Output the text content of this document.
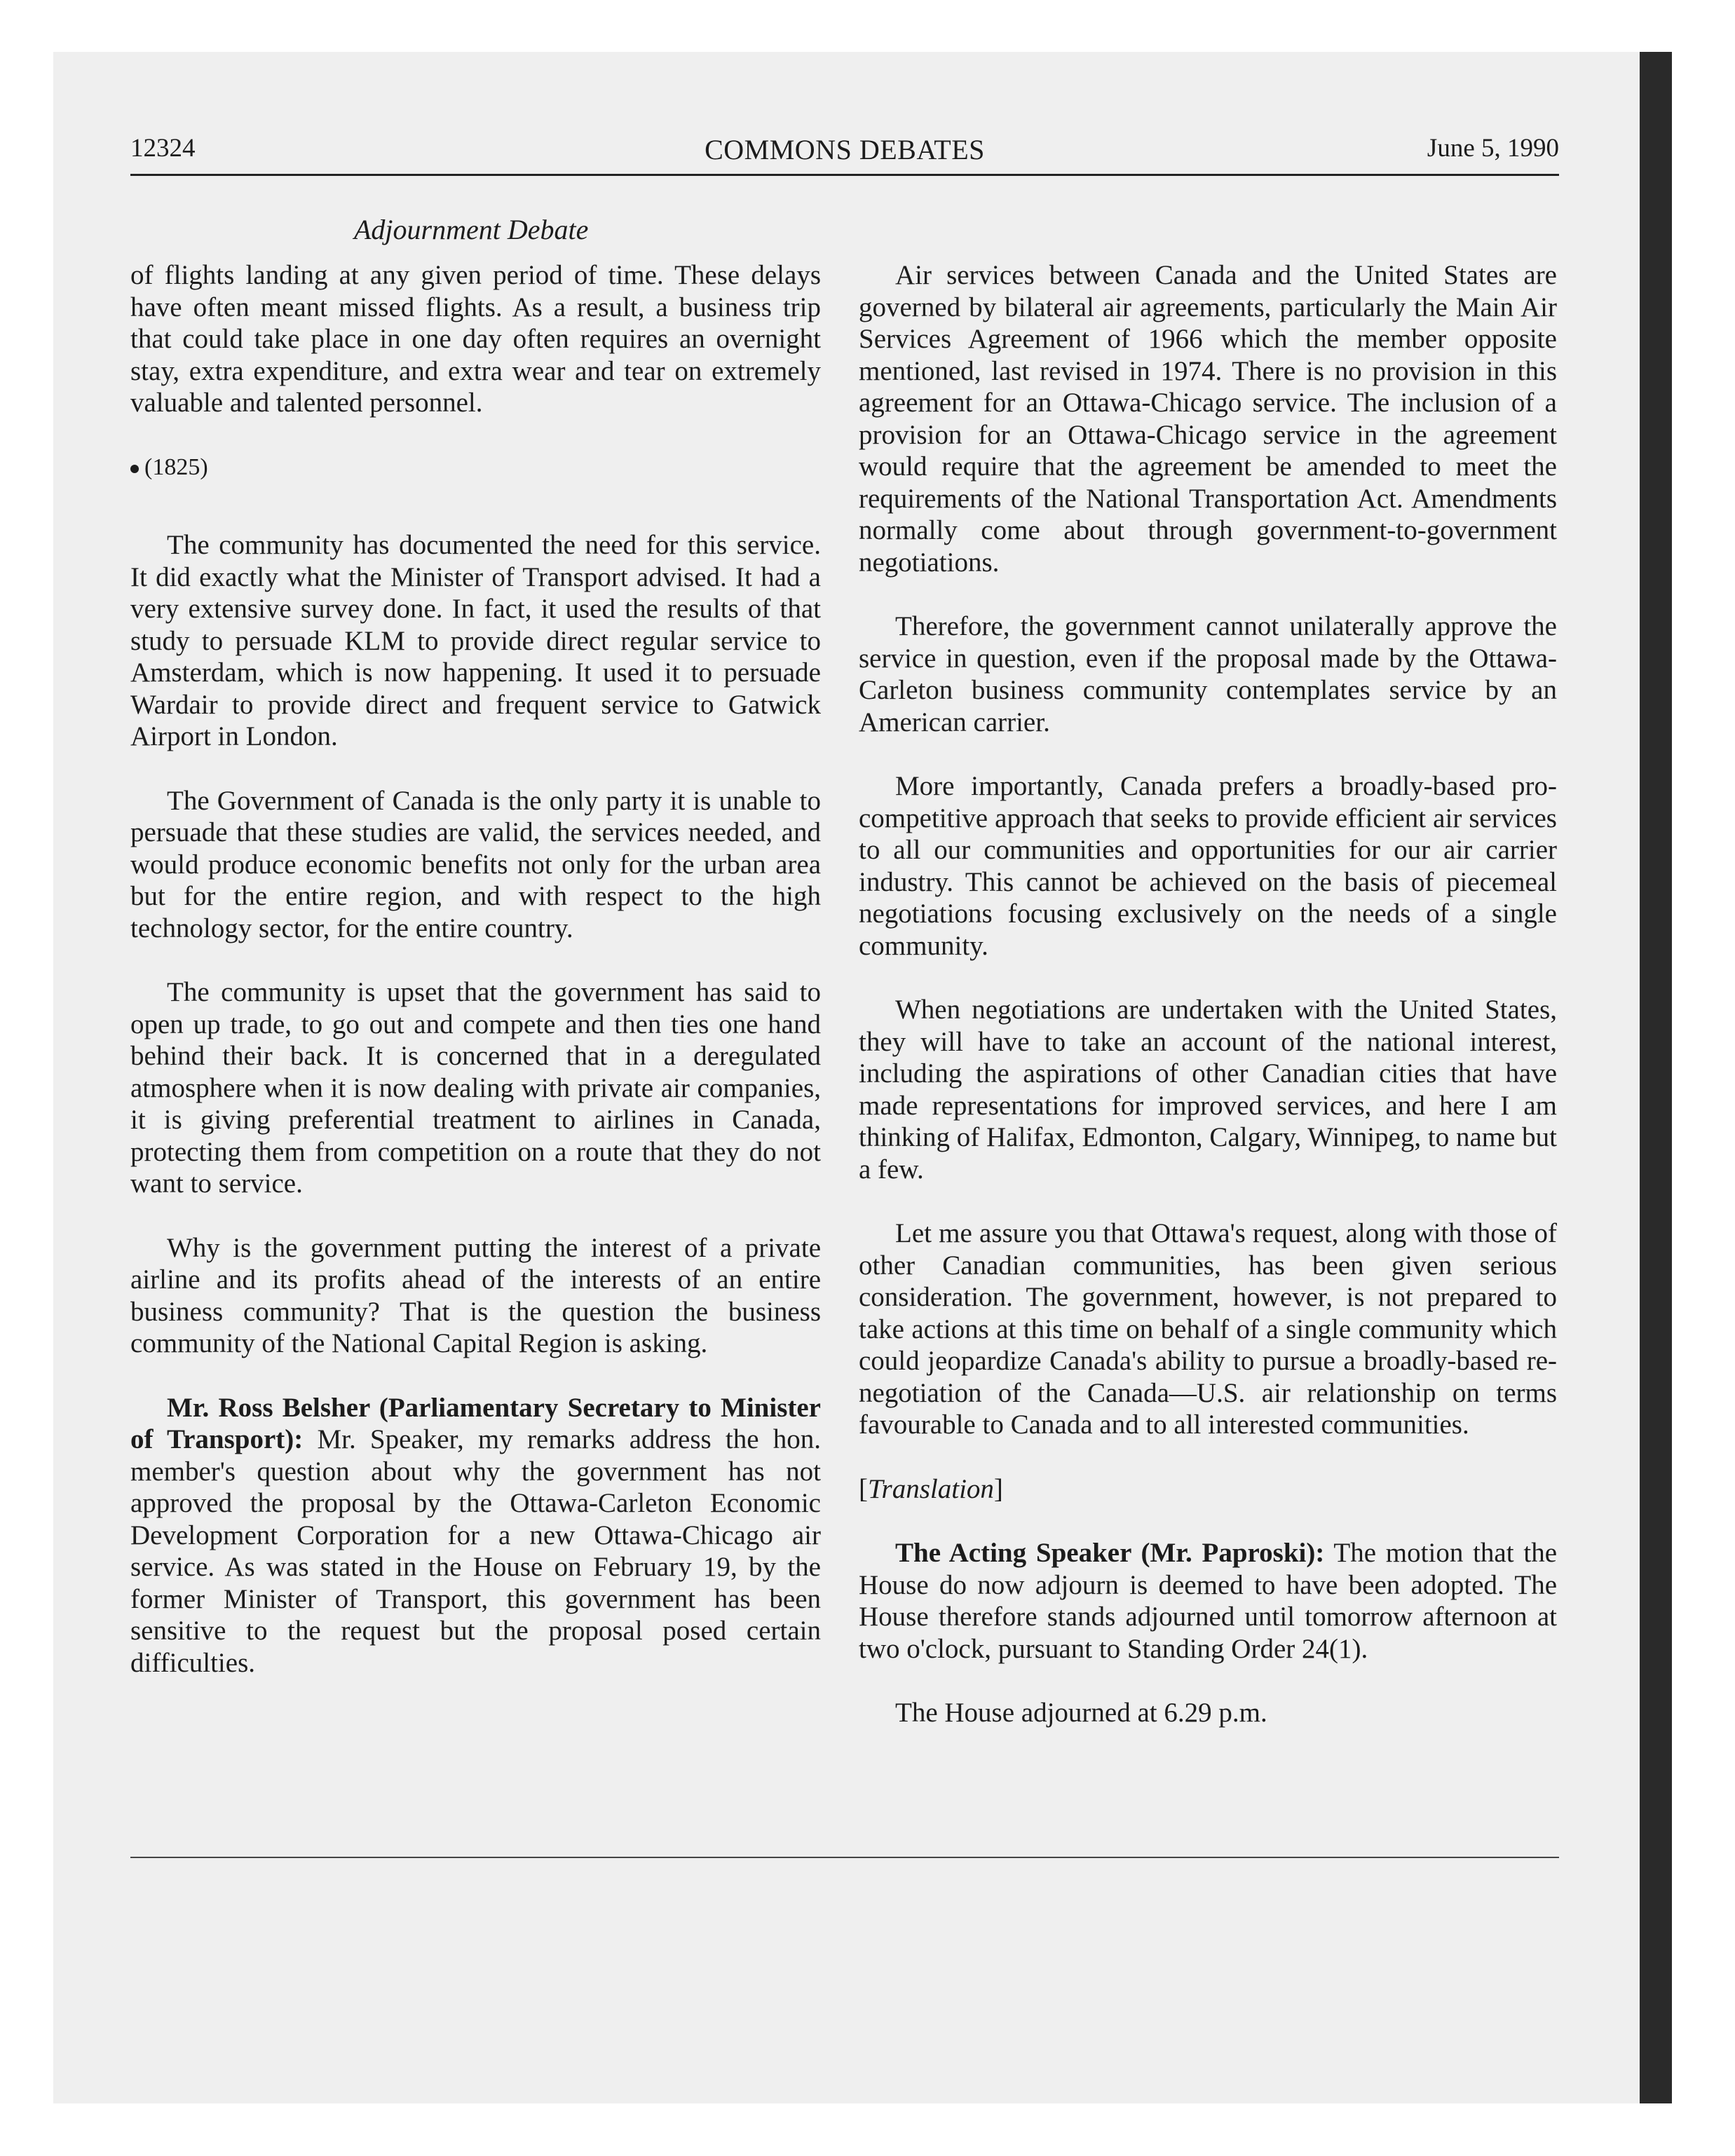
12324	COMMONS DEBATES	June 5, 1990
Adjournment Debate

of flights landing at any given period of time. These delays have often meant missed flights. As a result, a business trip that could take place in one day often requires an overnight stay, extra expenditure, and extra wear and tear on extremely valuable and talented personnel.

(1825)

The community has documented the need for this service. It did exactly what the Minister of Transport advised. It had a very extensive survey done. In fact, it used the results of that study to persuade KLM to provide direct regular service to Amsterdam, which is now happening. It used it to persuade Wardair to provide direct and frequent service to Gatwick Airport in London.

The Government of Canada is the only party it is unable to persuade that these studies are valid, the services needed, and would produce economic benefits not only for the urban area but for the entire region, and with respect to the high technology sector, for the entire country.

The community is upset that the government has said to open up trade, to go out and compete and then ties one hand behind their back. It is concerned that in a deregulated atmosphere when it is now dealing with private air companies, it is giving preferential treatment to airlines in Canada, protecting them from competition on a route that they do not want to service.

Why is the government putting the interest of a private airline and its profits ahead of the interests of an entire business community? That is the question the business community of the National Capital Region is asking.

Mr. Ross Belsher (Parliamentary Secretary to Minister of Transport): Mr. Speaker, my remarks address the hon. member's question about why the government has not approved the proposal by the Ottawa-Carleton Economic Development Corporation for a new Ottawa-Chicago air service. As was stated in the House on February 19, by the former Minister of Transport, this government has been sensitive to the request but the proposal posed certain difficulties.

Air services between Canada and the United States are governed by bilateral air agreements, particularly the Main Air Services Agreement of 1966 which the member opposite mentioned, last revised in 1974. There is no provision in this agreement for an Ottawa-Chicago service. The inclusion of a provision for an Ottawa-Chicago service in the agreement would require that the agreement be amended to meet the requirements of the National Transportation Act. Amendments normally come about through government-to-government negotiations.

Therefore, the government cannot unilaterally approve the service in question, even if the proposal made by the Ottawa-Carleton business community contemplates service by an American carrier.

More importantly, Canada prefers a broadly-based pro-competitive approach that seeks to provide efficient air services to all our communities and opportunities for our air carrier industry. This cannot be achieved on the basis of piecemeal negotiations focusing exclusively on the needs of a single community.

When negotiations are undertaken with the United States, they will have to take an account of the national interest, including the aspirations of other Canadian cities that have made representations for improved services, and here I am thinking of Halifax, Edmonton, Calgary, Winnipeg, to name but a few.

Let me assure you that Ottawa's request, along with those of other Canadian communities, has been given serious consideration. The government, however, is not prepared to take actions at this time on behalf of a single community which could jeopardize Canada's ability to pursue a broadly-based re-negotiation of the Canada—U.S. air relationship on terms favourable to Canada and to all interested communities.

[Translation]

The Acting Speaker (Mr. Paproski): The motion that the House do now adjourn is deemed to have been adopted. The House therefore stands adjourned until tomorrow afternoon at two o'clock, pursuant to Standing Order 24(1).

The House adjourned at 6.29 p.m.
